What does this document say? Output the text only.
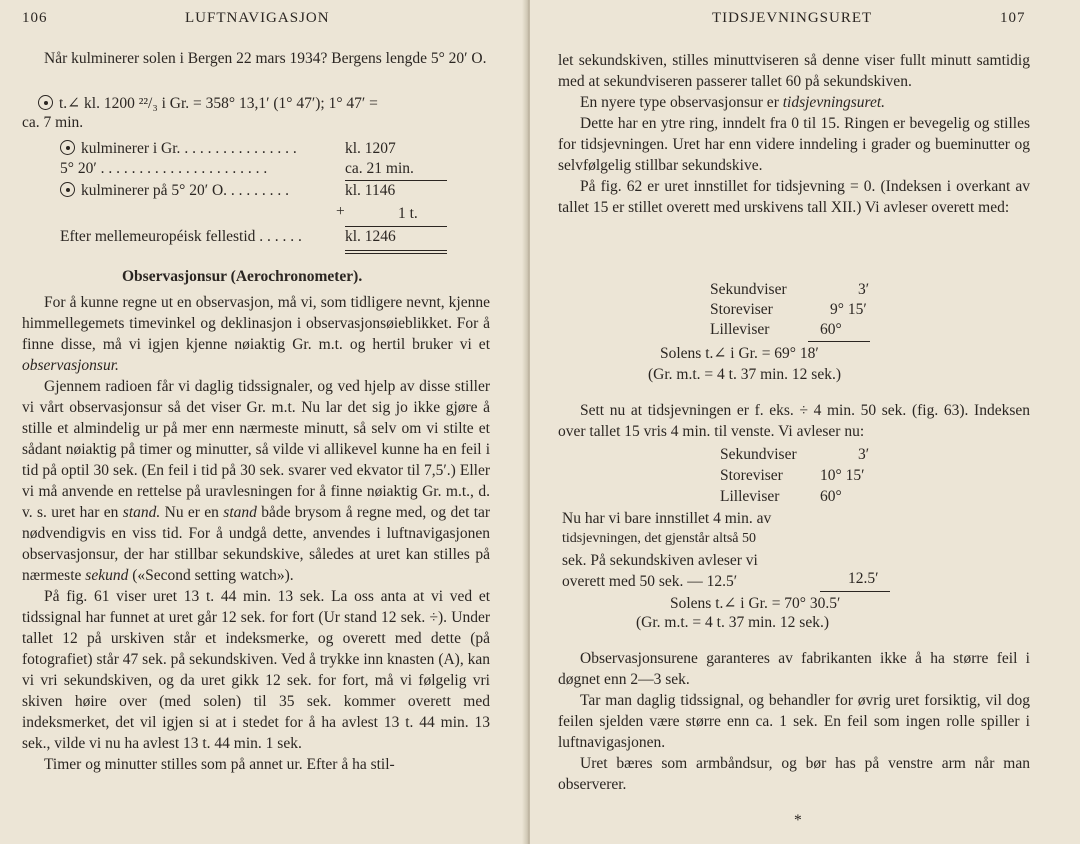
106	LUFTNAVIGASJON

Når kulminerer solen i Bergen 22 mars 1934? Bergens lengde 5° 20′ O.

t.∠ kl. 1200 ²²/₃ i Gr. = 358° 13,1′ (1° 47′); 1° 47′ =
ca. 7 min.
kulminerer i Gr. . . . . . . . . . . . . . . .	kl. 1207
5° 20′ . . . . . . . . . . . . . . . . . . . . . .	ca. 21 min.
kulminerer på 5° 20′ O. . . . . . . . .	kl. 1146
+	1 t.
Efter mellemeuropéisk fellestid . . . . . .	kl. 1246
Observasjonsur (Aerochronometer).

For å kunne regne ut en observasjon, må vi, som tidligere nevnt, kjenne himmellegemets timevinkel og deklinasjon i observasjonsøieblikket. For å finne disse, må vi igjen kjenne nøiaktig Gr. m.t. og hertil bruker vi et observasjonsur.

Gjennem radioen får vi daglig tidssignaler, og ved hjelp av disse stiller vi vårt observasjonsur så det viser Gr. m.t. Nu lar det sig jo ikke gjøre å stille et almindelig ur på mer enn nærmeste minutt, så selv om vi stilte et sådant nøiaktig på timer og minutter, så vilde vi allikevel kunne ha en feil i tid på optil 30 sek. (En feil i tid på 30 sek. svarer ved ekvator til 7,5′.) Eller vi må anvende en rettelse på uravlesningen for å finne nøiaktig Gr. m.t., d. v. s. uret har en stand. Nu er en stand både brysom å regne med, og det tar nødvendigvis en viss tid. For å undgå dette, anvendes i luftnavigasjonen observasjonsur, der har stillbar sekundskive, således at uret kan stilles på nærmeste sekund («Second setting watch»).

På fig. 61 viser uret 13 t. 44 min. 13 sek. La oss anta at vi ved et tidssignal har funnet at uret går 12 sek. for fort (Ur stand 12 sek. ÷). Under tallet 12 på urskiven står et indeksmerke, og overett med dette (på fotografiet) står 47 sek. på sekundskiven. Ved å trykke inn knasten (A), kan vi vri sekundskiven, og da uret gikk 12 sek. for fort, må vi følgelig vri skiven høire over (med solen) til 35 sek. kommer overett med indeksmerket, det vil igjen si at i stedet for å ha avlest 13 t. 44 min. 13 sek., vilde vi nu ha avlest 13 t. 44 min. 1 sek.

Timer og minutter stilles som på annet ur. Efter å ha stil-

TIDSJEVNINGSURET	107

let sekundskiven, stilles minuttviseren så denne viser fullt minutt samtidig med at sekundviseren passerer tallet 60 på sekundskiven.

En nyere type observasjonsur er tidsjevningsuret.

Dette har en ytre ring, inndelt fra 0 til 15. Ringen er bevegelig og stilles for tidsjevningen. Uret har enn videre inndeling i grader og bueminutter og selvfølgelig stillbar sekundskive.

På fig. 62 er uret innstillet for tidsjevning = 0. (Indeksen i overkant av tallet 15 er stillet overett med urskivens tall XII.) Vi avleser overett med:

Sekundviser	3′
Storeviser	9° 15′
Lilleviser	60°
Solens t.∠ i Gr. = 69° 18′
(Gr. m.t. = 4 t. 37 min. 12 sek.)

Sett nu at tidsjevningen er f. eks. ÷ 4 min. 50 sek. (fig. 63). Indeksen over tallet 15 vris 4 min. til venste. Vi avleser nu:

Sekundviser	3′
Storeviser 10° 15′
Lilleviser	60°
Nu har vi bare innstillet 4 min. av
tidsjevningen, det gjenstår altså 50
sek. På sekundskiven avleser vi
overett med 50 sek. — 12.5′	12.5′
Solens t.∠ i Gr. = 70° 30.5′
(Gr. m.t. = 4 t. 37 min. 12 sek.)

Observasjonsurene garanteres av fabrikanten ikke å ha større feil i døgnet enn 2—3 sek.

Tar man daglig tidssignal, og behandler for øvrig uret forsiktig, vil dog feilen sjelden være større enn ca. 1 sek. En feil som ingen rolle spiller i luftnavigasjonen.

Uret bæres som armbåndsur, og bør has på venstre arm når man observerer.

*
